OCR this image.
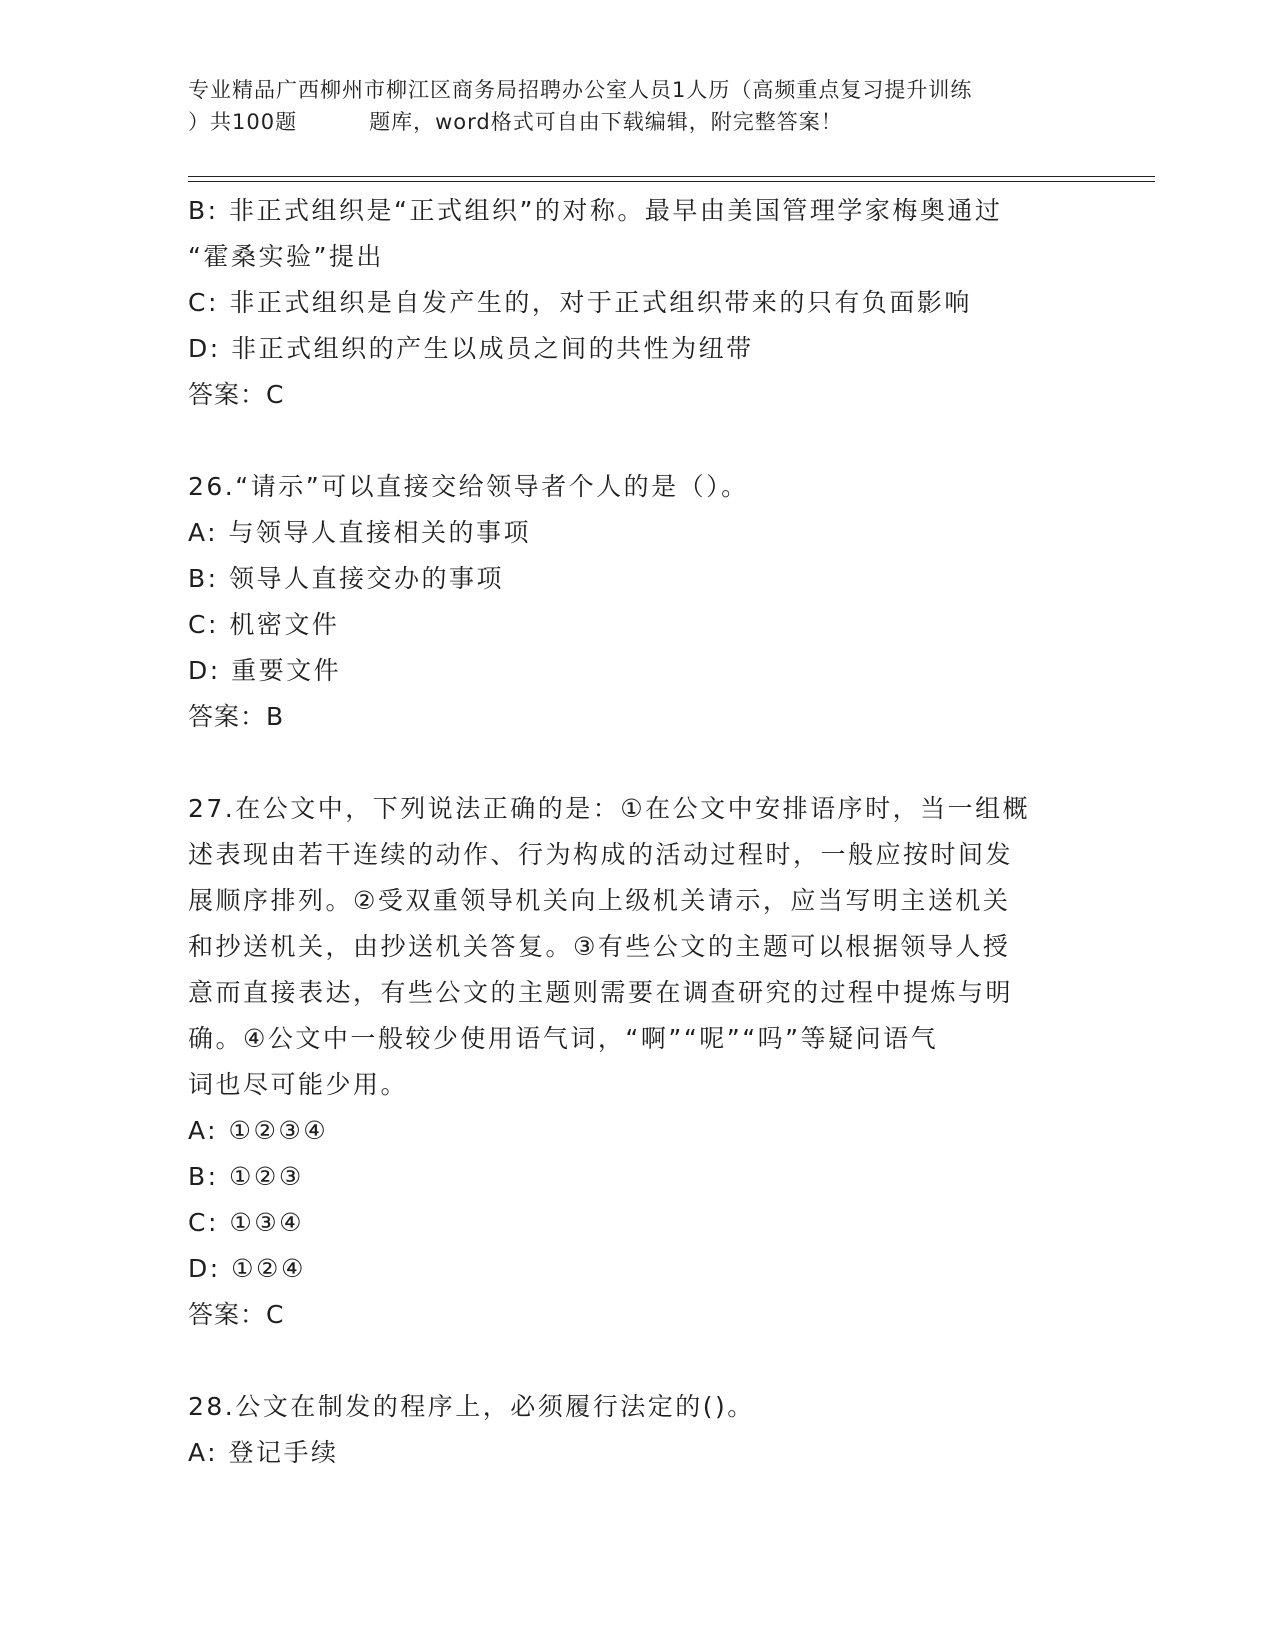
专业精品广西柳州市柳江区商务局招聘办公室人员1人历（高频重点复习提升训练
）共100题	题库，word格式可自由下载编辑，附完整答案！
B: 非正式组织是“正式组织”的对称。最早由美国管理学家梅奥通过
“霍桑实验”提出
C: 非正式组织是自发产生的，对于正式组织带来的只有负面影响
D: 非正式组织的产生以成员之间的共性为纽带
答案：C
26.“请示”可以直接交给领导者个人的是（）。
A: 与领导人直接相关的事项
B: 领导人直接交办的事项
C: 机密文件
D: 重要文件
答案：B
27.在公文中，下列说法正确的是：①在公文中安排语序时，当一组概
述表现由若干连续的动作、行为构成的活动过程时，一般应按时间发
展顺序排列。②受双重领导机关向上级机关请示，应当写明主送机关
和抄送机关，由抄送机关答复。③有些公文的主题可以根据领导人授
意而直接表达，有些公文的主题则需要在调查研究的过程中提炼与明
确。④公文中一般较少使用语气词，“啊”“呢”“吗”等疑问语气
词也尽可能少用。
A: ①②③④
B: ①②③
C: ①③④
D: ①②④
答案：C
28.公文在制发的程序上，必须履行法定的()。
A: 登记手续
